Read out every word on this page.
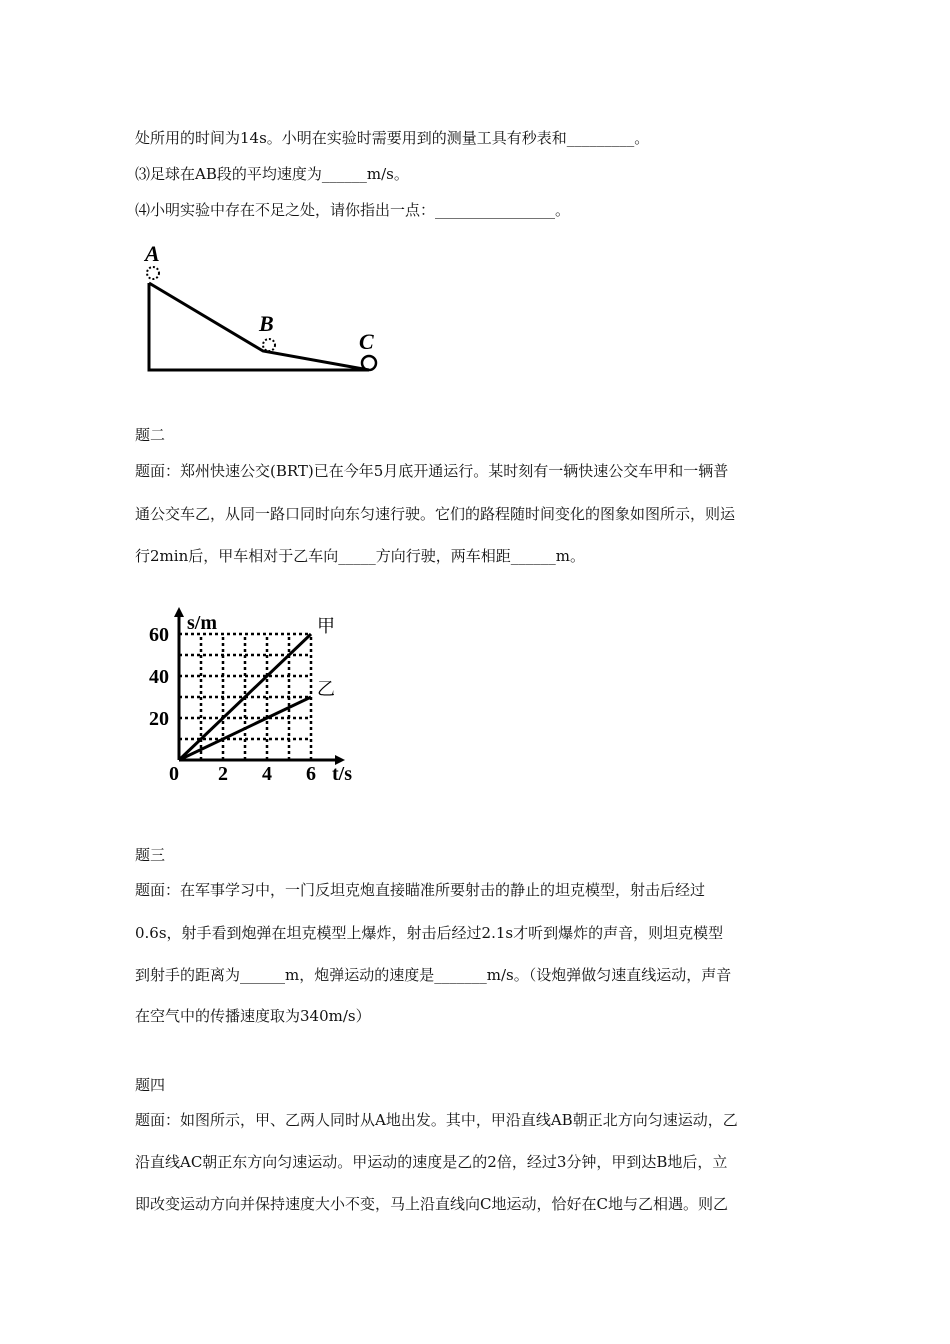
处所用的时间为14s。小明在实验时需要用到的测量工具有秒表和_________。
⑶足球在AB段的平均速度为______m/s。
⑷小明实验中存在不足之处，请你指出一点：________________。
A
B
C
题二
题面：郑州快速公交(BRT)已在今年5月底开通运行。某时刻有一辆快速公交车甲和一辆普
通公交车乙，从同一路口同时向东匀速行驶。它们的路程随时间变化的图象如图所示，则运
行2min后，甲车相对于乙车向_____方向行驶，两车相距______m。
s/m
t/s
0 2 4 6
20
40
60	甲
乙
题三
题面：在军事学习中，一门反坦克炮直接瞄准所要射击的静止的坦克模型，射击后经过
0.6s，射手看到炮弹在坦克模型上爆炸，射击后经过2.1s才听到爆炸的声音，则坦克模型
到射手的距离为______m，炮弹运动的速度是_______m/s。（设炮弹做匀速直线运动，声音
在空气中的传播速度取为340m/s）
题四
题面：如图所示，甲、乙两人同时从A地出发。其中，甲沿直线AB朝正北方向匀速运动，乙
沿直线AC朝正东方向匀速运动。甲运动的速度是乙的2倍，经过3分钟，甲到达B地后，立
即改变运动方向并保持速度大小不变，马上沿直线向C地运动，恰好在C地与乙相遇。则乙
